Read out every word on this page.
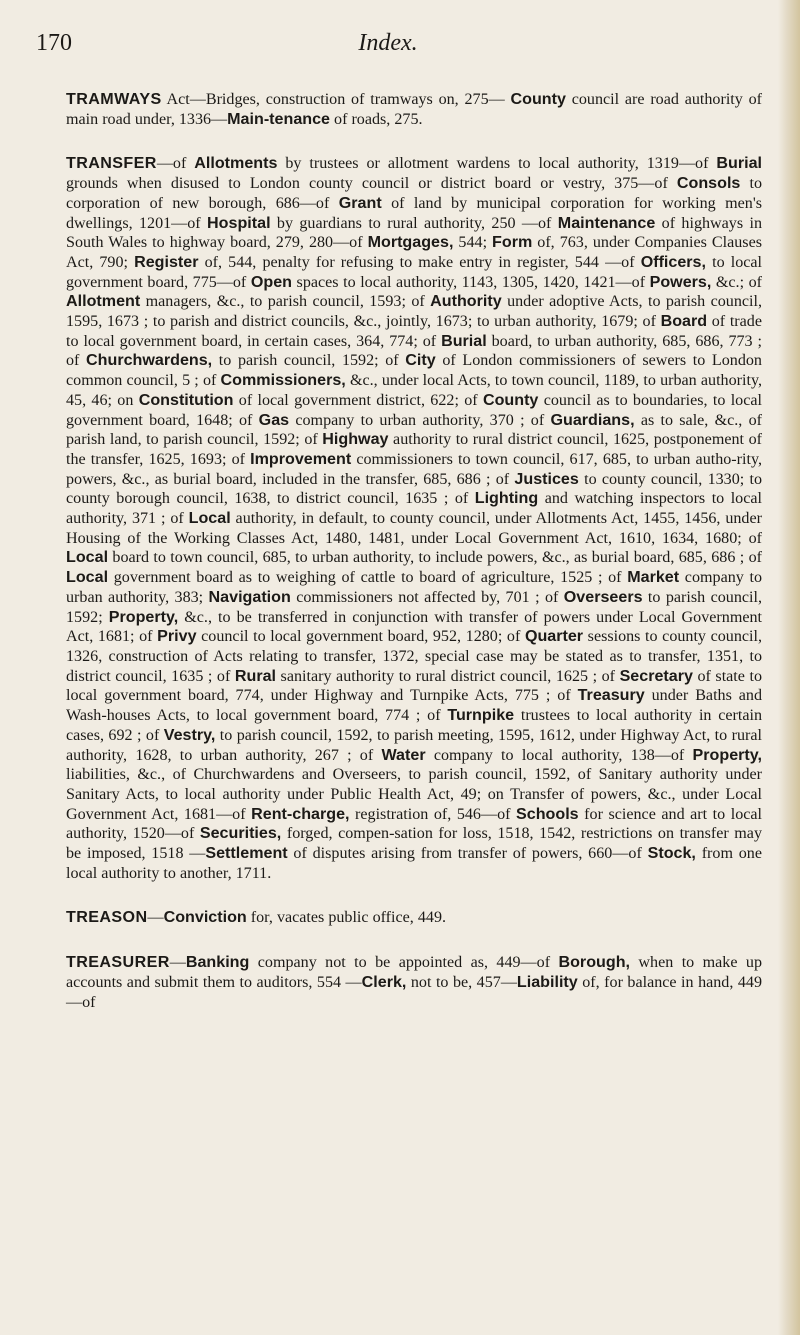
170	Index.

TRAMWAYS Act—Bridges, construction of tramways on, 275— County council are road authority of main road under, 1336—Main-tenance of roads, 275.

TRANSFER—of Allotments by trustees or allotment wardens to local authority, 1319—of Burial grounds when disused to London county council or district board or vestry, 375—of Consols to corporation of new borough, 686—of Grant of land by municipal corporation for working men's dwellings, 1201—of Hospital by guardians to rural authority, 250 —of Maintenance of highways in South Wales to highway board, 279, 280—of Mortgages, 544; Form of, 763, under Companies Clauses Act, 790; Register of, 544, penalty for refusing to make entry in register, 544 —of Officers, to local government board, 775—of Open spaces to local authority, 1143, 1305, 1420, 1421—of Powers, &c.; of Allotment managers, &c., to parish council, 1593; of Authority under adoptive Acts, to parish council, 1595, 1673 ; to parish and district councils, &c., jointly, 1673; to urban authority, 1679; of Board of trade to local government board, in certain cases, 364, 774; of Burial board, to urban authority, 685, 686, 773 ; of Churchwardens, to parish council, 1592; of City of London commissioners of sewers to London common council, 5 ; of Commissioners, &c., under local Acts, to town council, 1189, to urban authority, 45, 46; on Constitution of local government district, 622; of County council as to boundaries, to local government board, 1648; of Gas company to urban authority, 370 ; of Guardians, as to sale, &c., of parish land, to parish council, 1592; of Highway authority to rural district council, 1625, postponement of the transfer, 1625, 1693; of Improvement commissioners to town council, 617, 685, to urban autho-rity, powers, &c., as burial board, included in the transfer, 685, 686 ; of Justices to county council, 1330; to county borough council, 1638, to district council, 1635 ; of Lighting and watching inspectors to local authority, 371 ; of Local authority, in default, to county council, under Allotments Act, 1455, 1456, under Housing of the Working Classes Act, 1480, 1481, under Local Government Act, 1610, 1634, 1680; of Local board to town council, 685, to urban authority, to include powers, &c., as burial board, 685, 686 ; of Local government board as to weighing of cattle to board of agriculture, 1525 ; of Market company to urban authority, 383; Navigation commissioners not affected by, 701 ; of Overseers to parish council, 1592; Property, &c., to be transferred in conjunction with transfer of powers under Local Government Act, 1681; of Privy council to local government board, 952, 1280; of Quarter sessions to county council, 1326, construction of Acts relating to transfer, 1372, special case may be stated as to transfer, 1351, to district council, 1635 ; of Rural sanitary authority to rural district council, 1625 ; of Secretary of state to local government board, 774, under Highway and Turnpike Acts, 775 ; of Treasury under Baths and Wash-houses Acts, to local government board, 774 ; of Turnpike trustees to local authority in certain cases, 692 ; of Vestry, to parish council, 1592, to parish meeting, 1595, 1612, under Highway Act, to rural authority, 1628, to urban authority, 267 ; of Water company to local authority, 138—of Property, liabilities, &c., of Churchwardens and Overseers, to parish council, 1592, of Sanitary authority under Sanitary Acts, to local authority under Public Health Act, 49; on Transfer of powers, &c., under Local Government Act, 1681—of Rent-charge, registration of, 546—of Schools for science and art to local authority, 1520—of Securities, forged, compen-sation for loss, 1518, 1542, restrictions on transfer may be imposed, 1518 —Settlement of disputes arising from transfer of powers, 660—of Stock, from one local authority to another, 1711.

TREASON—Conviction for, vacates public office, 449.

TREASURER—Banking company not to be appointed as, 449—of Borough, when to make up accounts and submit them to auditors, 554 —Clerk, not to be, 457—Liability of, for balance in hand, 449—of
